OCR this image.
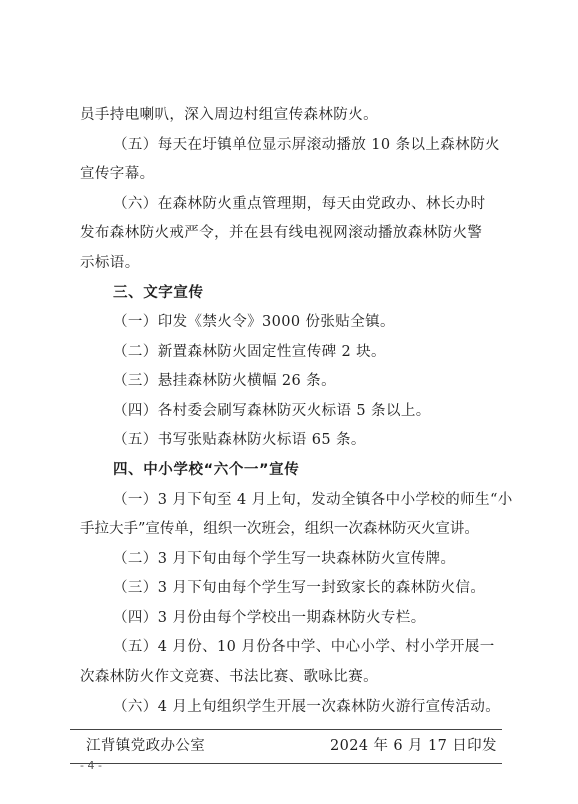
员手持电喇叭，深入周边村组宣传森林防火。
（五）每天在圩镇单位显示屏滚动播放 10 条以上森林防火
宣传字幕。
（六）在森林防火重点管理期，每天由党政办、林长办时
发布森林防火戒严令，并在县有线电视网滚动播放森林防火警
示标语。
三、文字宣传
（一）印发《禁火令》3000 份张贴全镇。
（二）新置森林防火固定性宣传碑 2 块。
（三）悬挂森林防火横幅 26 条。
（四）各村委会刷写森林防灭火标语 5 条以上。
（五）书写张贴森林防火标语 65 条。
四、中小学校“六个一”宣传
（一）3 月下旬至 4 月上旬，发动全镇各中小学校的师生“小
手拉大手”宣传单，组织一次班会，组织一次森林防灭火宣讲。
（二）3 月下旬由每个学生写一块森林防火宣传牌。
（三）3 月下旬由每个学生写一封致家长的森林防火信。
（四）3 月份由每个学校出一期森林防火专栏。
（五）4 月份、10 月份各中学、中心小学、村小学开展一
次森林防火作文竞赛、书法比赛、歌咏比赛。
（六）4 月上旬组织学生开展一次森林防火游行宣传活动。
江背镇党政办公室	2024 年 6 月 17 日印发
- 4 -
